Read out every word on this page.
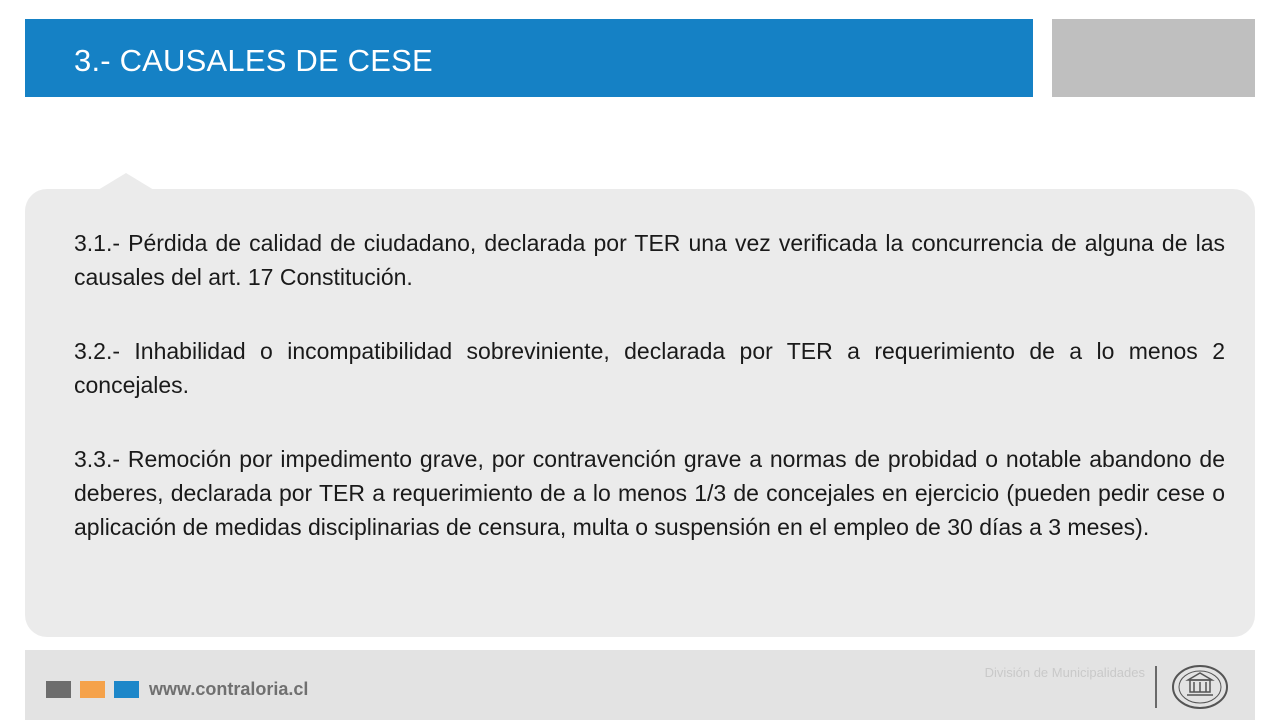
3.- CAUSALES DE CESE

3.1.- Pérdida de calidad de ciudadano, declarada por TER una vez verificada la concurrencia de alguna de las causales del art. 17 Constitución.

3.2.- Inhabilidad o incompatibilidad sobreviniente, declarada por TER a requerimiento de a lo menos 2 concejales.

3.3.- Remoción por impedimento grave, por contravención grave a normas de probidad o notable abandono de deberes, declarada por TER a requerimiento de a lo menos 1/3 de concejales en ejercicio (pueden pedir cese o aplicación de medidas disciplinarias de censura, multa o suspensión en el empleo de 30 días a 3 meses).

www.contraloria.cl
División de Municipalidades
